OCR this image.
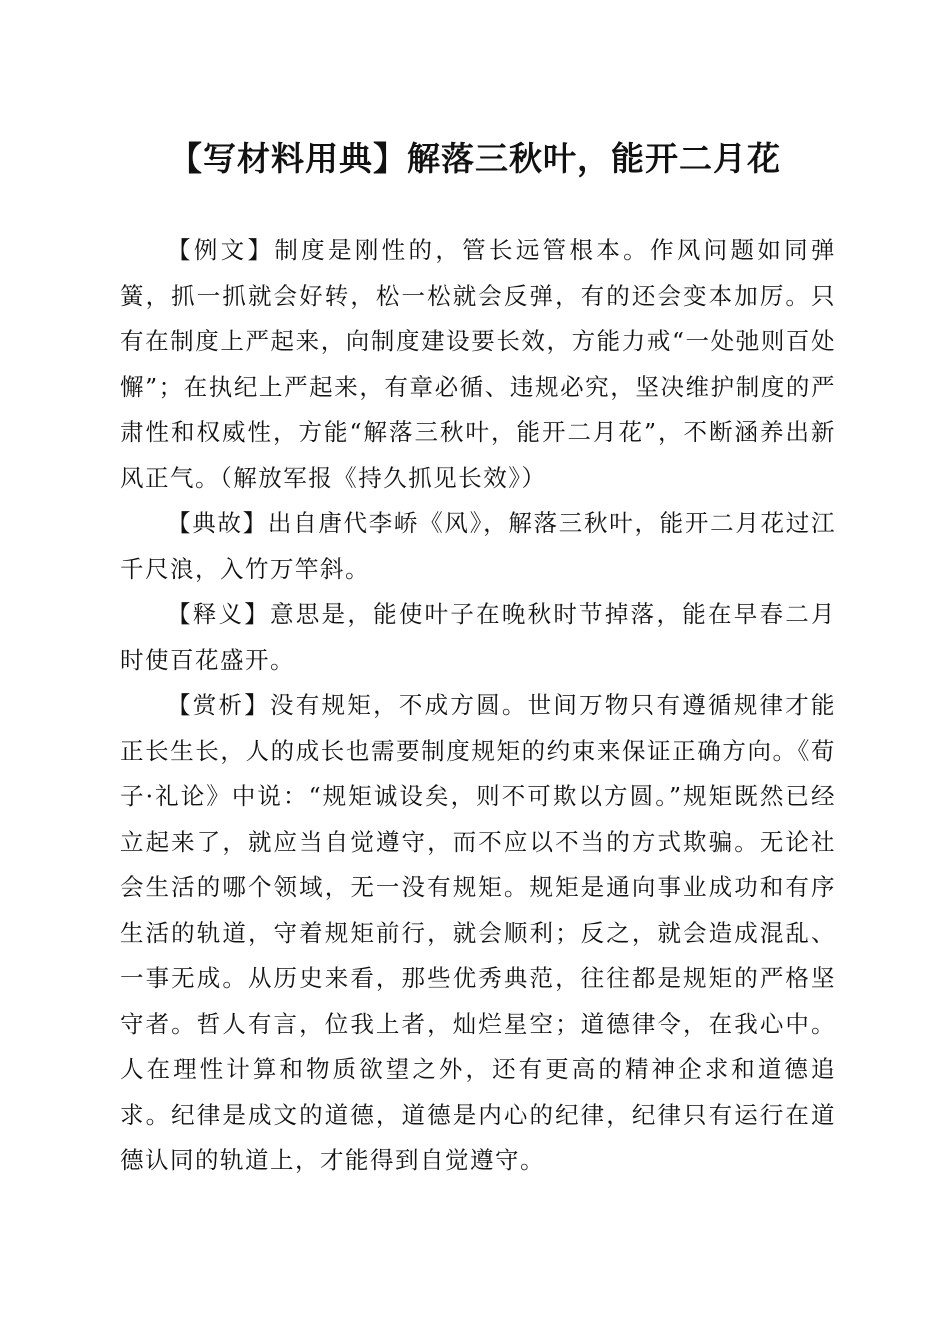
【写材料用典】解落三秋叶，能开二月花

【例文】制度是刚性的，管长远管根本。作风问题如同弹簧，抓一抓就会好转，松一松就会反弹，有的还会变本加厉。只有在制度上严起来，向制度建设要长效，方能力戒“一处弛则百处懈”；在执纪上严起来，有章必循、违规必究，坚决维护制度的严肃性和权威性，方能“解落三秋叶，能开二月花”，不断涵养出新风正气。（解放军报《持久抓见长效》）

【典故】出自唐代李峤《风》，解落三秋叶，能开二月花过江千尺浪，入竹万竿斜。

【释义】意思是，能使叶子在晚秋时节掉落，能在早春二月时使百花盛开。

【赏析】没有规矩，不成方圆。世间万物只有遵循规律才能正长生长，人的成长也需要制度规矩的约束来保证正确方向。《荀子·礼论》中说：“规矩诚设矣，则不可欺以方圆。”规矩既然已经立起来了，就应当自觉遵守，而不应以不当的方式欺骗。无论社会生活的哪个领域，无一没有规矩。规矩是通向事业成功和有序生活的轨道，守着规矩前行，就会顺利；反之，就会造成混乱、一事无成。从历史来看，那些优秀典范，往往都是规矩的严格坚守者。哲人有言，位我上者，灿烂星空；道德律令，在我心中。人在理性计算和物质欲望之外，还有更高的精神企求和道德追求。纪律是成文的道德，道德是内心的纪律，纪律只有运行在道德认同的轨道上，才能得到自觉遵守。
